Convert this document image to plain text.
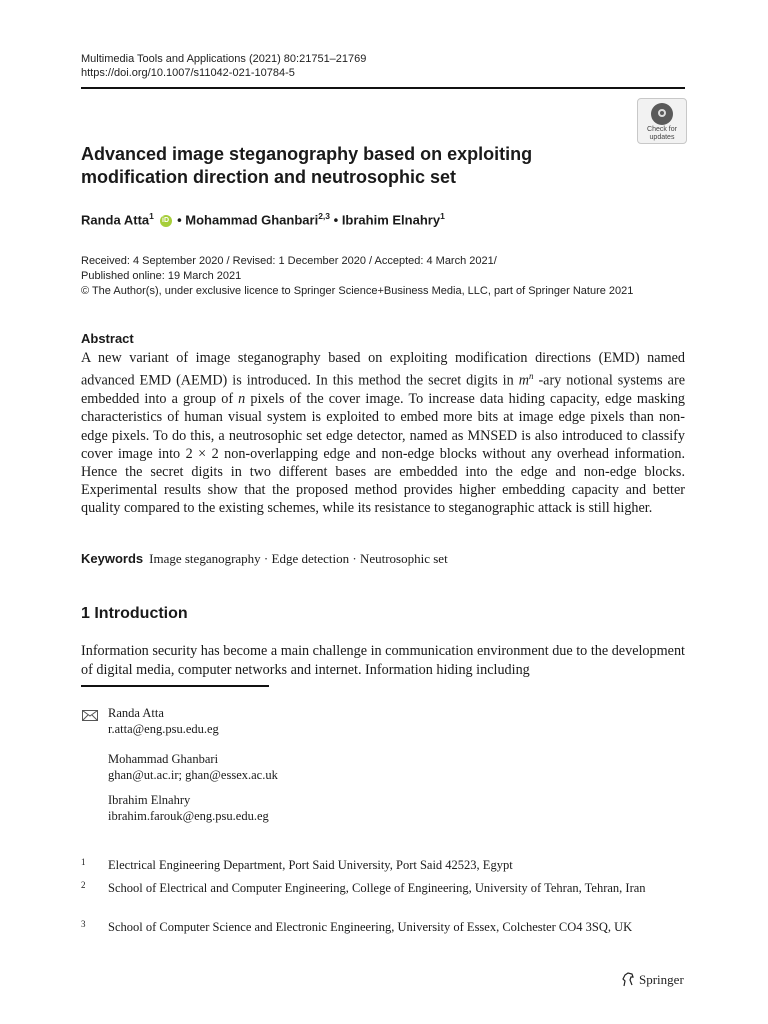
Multimedia Tools and Applications (2021) 80:21751–21769
https://doi.org/10.1007/s11042-021-10784-5
Check for
updates
Advanced image steganography based on exploiting
modification direction and neutrosophic set
Randa Atta$^1$ iD • Mohammad Ghanbari$^{2,3}$ • Ibrahim Elnahry$^1$
Received: 4 September 2020 / Revised: 1 December 2020 / Accepted: 4 March 2021/
Published online: 19 March 2021
© The Author(s), under exclusive licence to Springer Science+Business Media, LLC, part of Springer Nature 2021
Abstract
A new variant of image steganography based on exploiting modification directions (EMD) named advanced EMD (AEMD) is introduced. In this method the secret digits in $m^n$ -ary notional systems are embedded into a group of n pixels of the cover image. To increase data hiding capacity, edge masking characteristics of human visual system is exploited to embed more bits at image edge pixels than non-edge pixels. To do this, a neutrosophic set edge detector, named as MNSED is also introduced to classify cover image into 2 × 2 non-overlapping edge and non-edge blocks without any overhead information. Hence the secret digits in two different bases are embedded into the edge and non-edge blocks. Experimental results show that the proposed method provides higher embedding capacity and better quality compared to the existing schemes, while its resistance to steganographic attack is still higher.
Keywords Image steganography · Edge detection · Neutrosophic set
1 Introduction
Information security has become a main challenge in communication environment due to the development of digital media, computer networks and internet. Information hiding including
Randa Atta
r.atta@eng.psu.edu.eg
Mohammad Ghanbari
ghan@ut.ac.ir; ghan@essex.ac.uk
Ibrahim Elnahry
ibrahim.farouk@eng.psu.edu.eg
1 Electrical Engineering Department, Port Said University, Port Said 42523, Egypt
2 School of Electrical and Computer Engineering, College of Engineering, University of Tehran, Tehran, Iran
3 School of Computer Science and Electronic Engineering, University of Essex, Colchester CO4 3SQ, UK
Springer
